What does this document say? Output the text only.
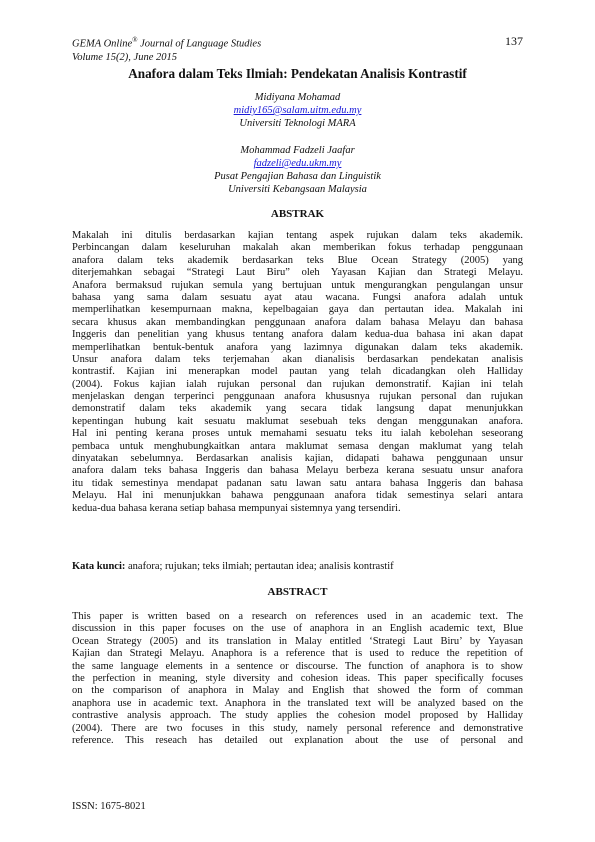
GEMA Online® Journal of Language Studies
Volume 15(2), June 2015
137
Anafora dalam Teks Ilmiah: Pendekatan Analisis Kontrastif
Midiyana Mohamad
midiy165@salam.uitm.edu.my
Universiti Teknologi MARA
Mohammad Fadzeli Jaafar
fadzeli@edu.ukm.my
Pusat Pengajian Bahasa dan Linguistik
Universiti Kebangsaan Malaysia
ABSTRAK
Makalah ini ditulis berdasarkan kajian tentang aspek rujukan dalam teks akademik.
Perbincangan dalam keseluruhan makalah akan memberikan fokus terhadap penggunaan
anafora dalam teks akademik berdasarkan teks Blue Ocean Strategy (2005) yang
diterjemahkan sebagai “Strategi Laut Biru” oleh Yayasan Kajian dan Strategi Melayu.
Anafora bermaksud rujukan semula yang bertujuan untuk mengurangkan pengulangan unsur
bahasa yang sama dalam sesuatu ayat atau wacana. Fungsi anafora adalah untuk
memperlihatkan kesempurnaan makna, kepelbagaian gaya dan pertautan idea. Makalah ini
secara khusus akan membandingkan penggunaan anafora dalam bahasa Melayu dan bahasa
Inggeris dan penelitian yang khusus tentang anafora dalam kedua-dua bahasa ini akan dapat
memperlihatkan bentuk-bentuk anafora yang lazimnya digunakan dalam teks akademik.
Unsur anafora dalam teks terjemahan akan dianalisis berdasarkan pendekatan analisis
kontrastif. Kajian ini menerapkan model pautan yang telah dicadangkan oleh Halliday
(2004). Fokus kajian ialah rujukan personal dan rujukan demonstratif. Kajian ini telah
menjelaskan dengan terperinci penggunaan anafora khususnya rujukan personal dan rujukan
demonstratif dalam teks akademik yang secara tidak langsung dapat menunjukkan
kepentingan hubung kait sesuatu maklumat sesebuah teks dengan menggunakan anafora.
Hal ini penting kerana proses untuk memahami sesuatu teks itu ialah kebolehan seseorang
pembaca untuk menghubungkaitkan antara maklumat semasa dengan maklumat yang telah
dinyatakan sebelumnya. Berdasarkan analisis kajian, didapati bahawa penggunaan unsur
anafora dalam teks bahasa Inggeris dan bahasa Melayu berbeza kerana sesuatu unsur anafora
itu tidak semestinya mendapat padanan satu lawan satu antara bahasa Inggeris dan bahasa
Melayu. Hal ini menunjukkan bahawa penggunaan anafora tidak semestinya selari antara
kedua-dua bahasa kerana setiap bahasa mempunyai sistemnya yang tersendiri.
Kata kunci: anafora; rujukan; teks ilmiah; pertautan idea; analisis kontrastif
ABSTRACT
This paper is written based on a research on references used in an academic text. The
discussion in this paper focuses on the use of anaphora in an English academic text, Blue
Ocean Strategy (2005) and its translation in Malay entitled ‘Strategi Laut Biru’ by Yayasan
Kajian dan Strategi Melayu. Anaphora is a reference that is used to reduce the repetition of
the same language elements in a sentence or discourse. The function of anaphora is to show
the perfection in meaning, style diversity and cohesion ideas. This paper specifically focuses
on the comparison of anaphora in Malay and English that showed the form of comman
anaphora use in academic text. Anaphora in the translated text will be analyzed based on the
contrastive analysis approach. The study applies the cohesion model proposed by Halliday
(2004). There are two focuses in this study, namely personal reference and demonstrative
reference. This reseach has detailed out explanation about the use of personal and
ISSN: 1675-8021
